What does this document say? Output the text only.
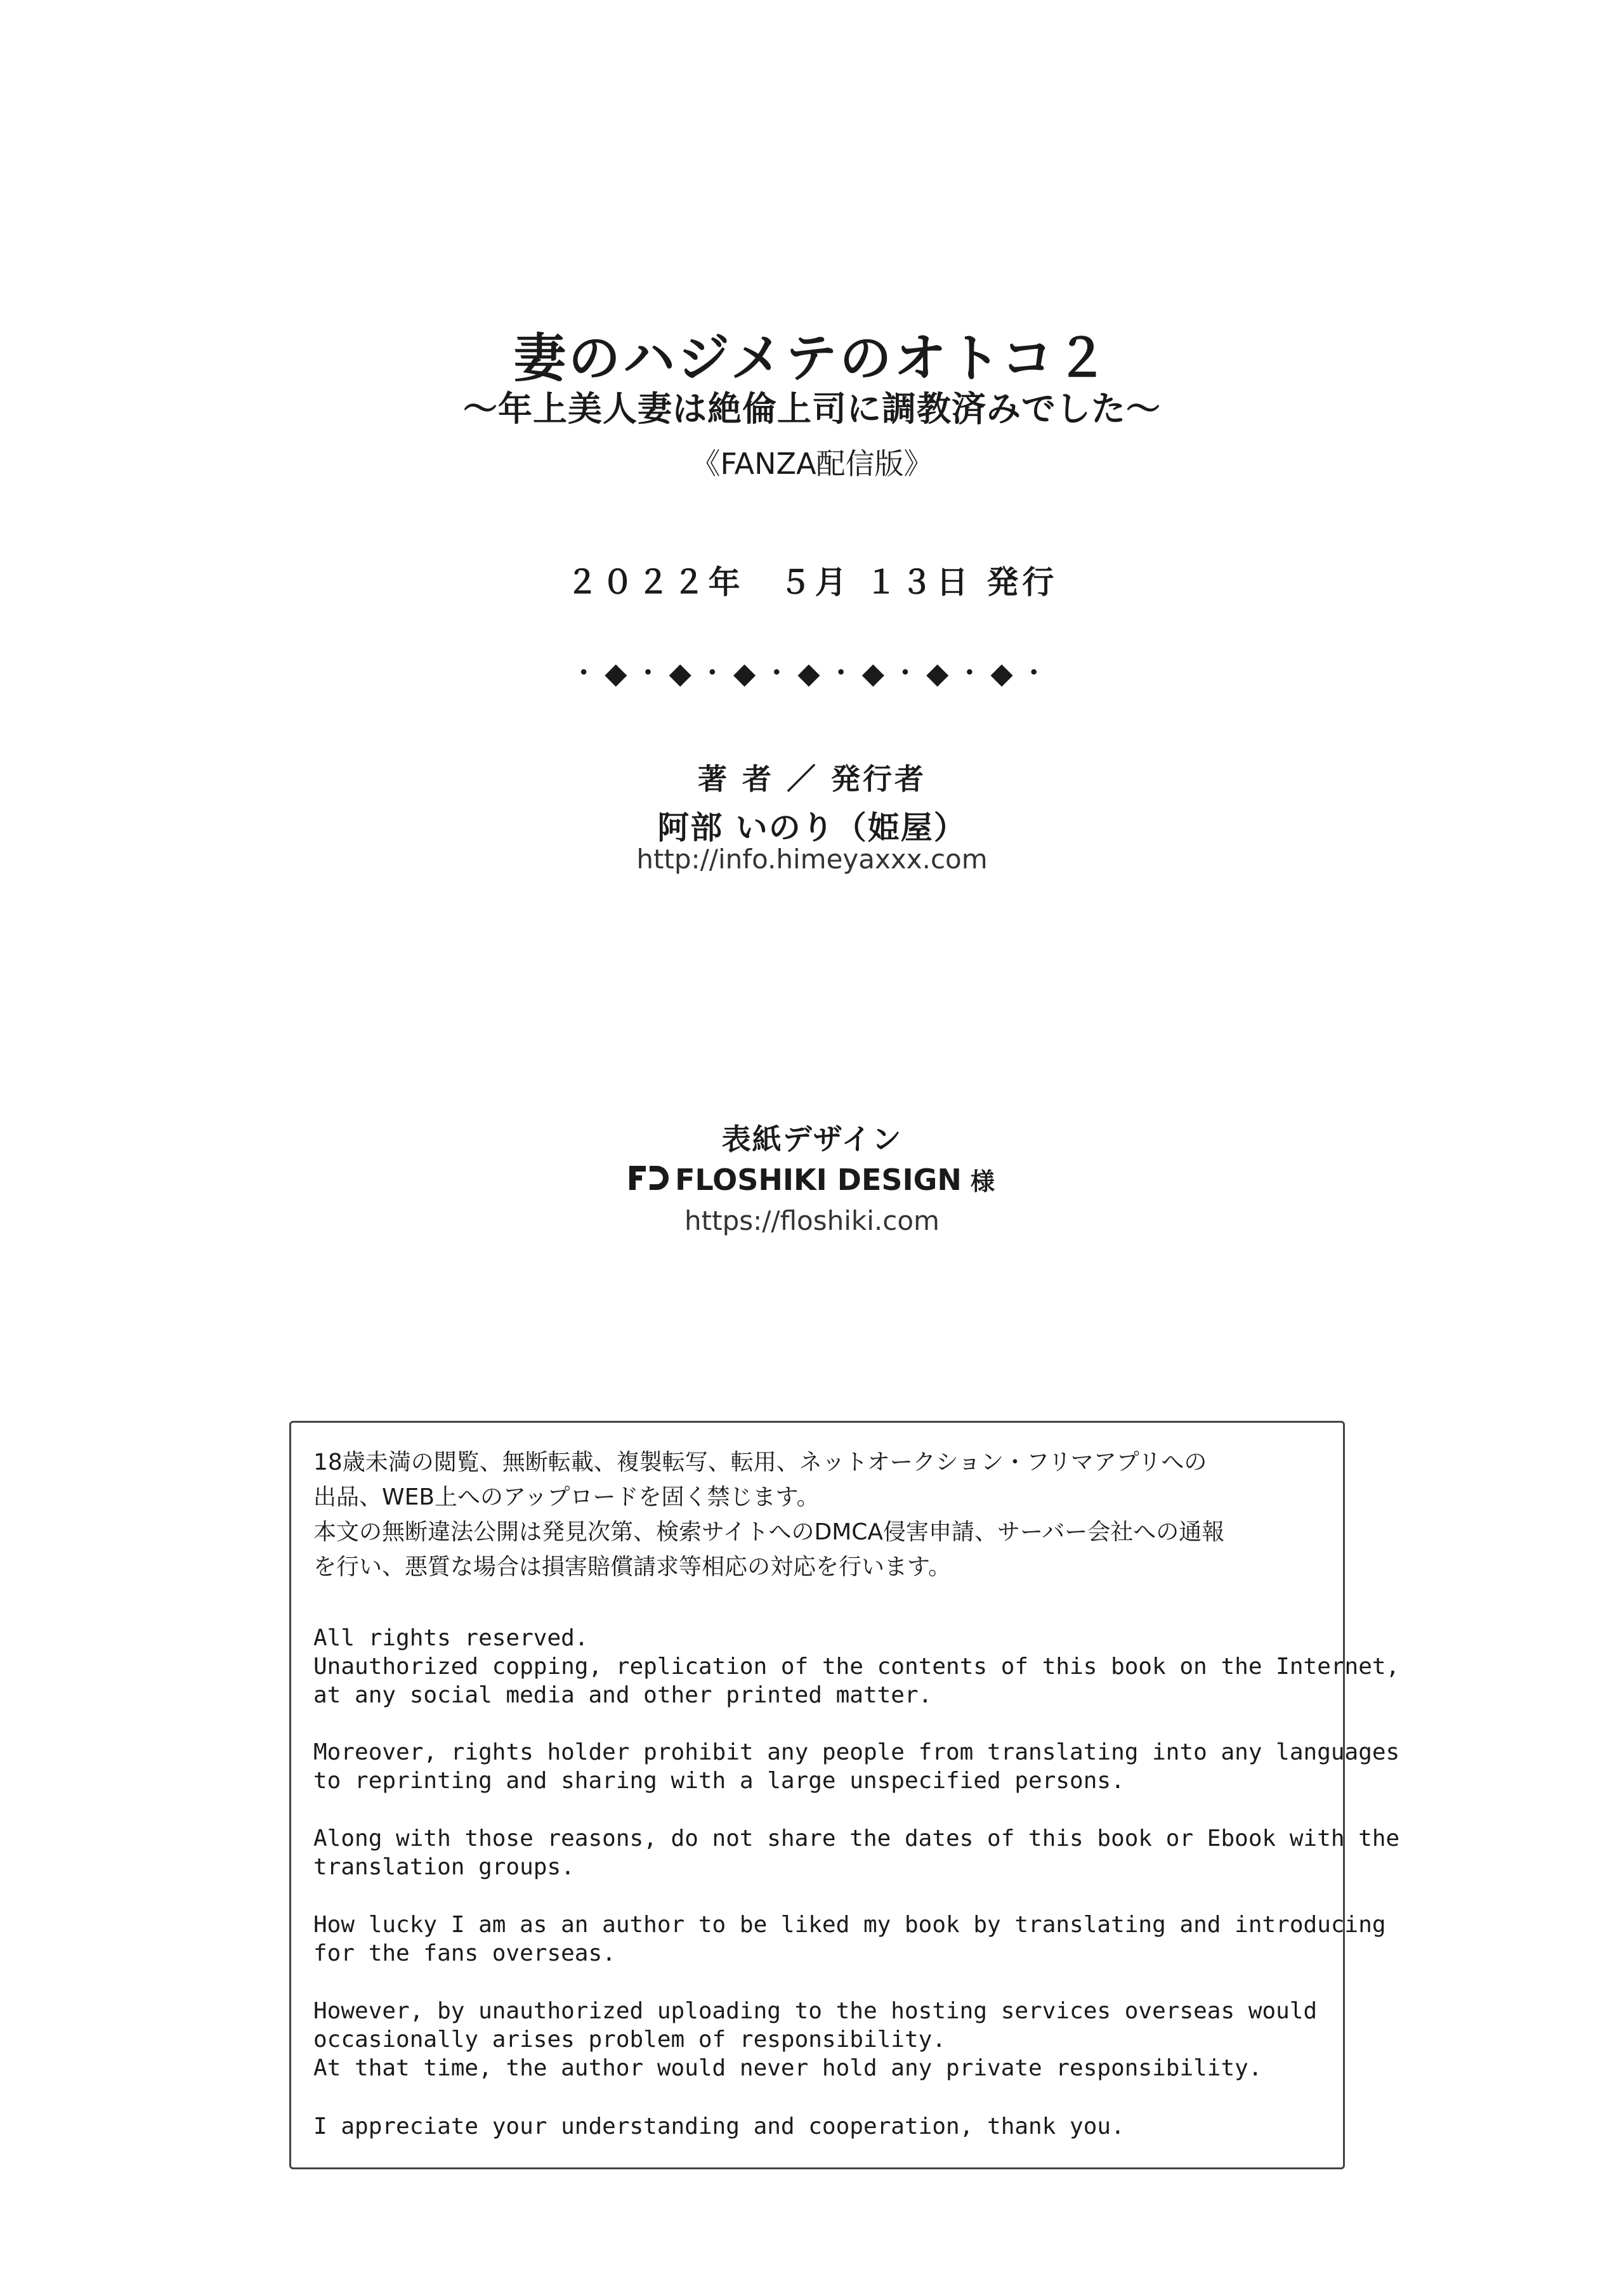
妻のハジメテのオトコ２
～年上美人妻は絶倫上司に調教済みでした～
《FANZA配信版》
２０２２年　５月 １３日 発行
・◆・◆・◆・◆・◆・◆・◆・
著 者 ／ 発行者
阿部 いのり（姫屋）
http://info.himeyaxxx.com
表紙デザイン
FLOSHIKI DESIGN 様
https://floshiki.com
18歳未満の閲覧、無断転載、複製転写、転用、ネットオークション・フリマアプリへの
出品、WEB上へのアップロードを固く禁じます。
本文の無断違法公開は発見次第、検索サイトへのDMCA侵害申請、サーバー会社への通報
を行い、悪質な場合は損害賠償請求等相応の対応を行います。
All rights reserved.
Unauthorized copping, replication of the contents of this book on the Internet,
at any social media and other printed matter.
Moreover, rights holder prohibit any people from translating into any languages
to reprinting and sharing with a large unspecified persons.
Along with those reasons, do not share the dates of this book or Ebook with the
translation groups.
How lucky I am as an author to be liked my book by translating and introducing
for the fans overseas.
However, by unauthorized uploading to the hosting services overseas would
occasionally arises problem of responsibility.
At that time, the author would never hold any private responsibility.
I appreciate your understanding and cooperation, thank you.
